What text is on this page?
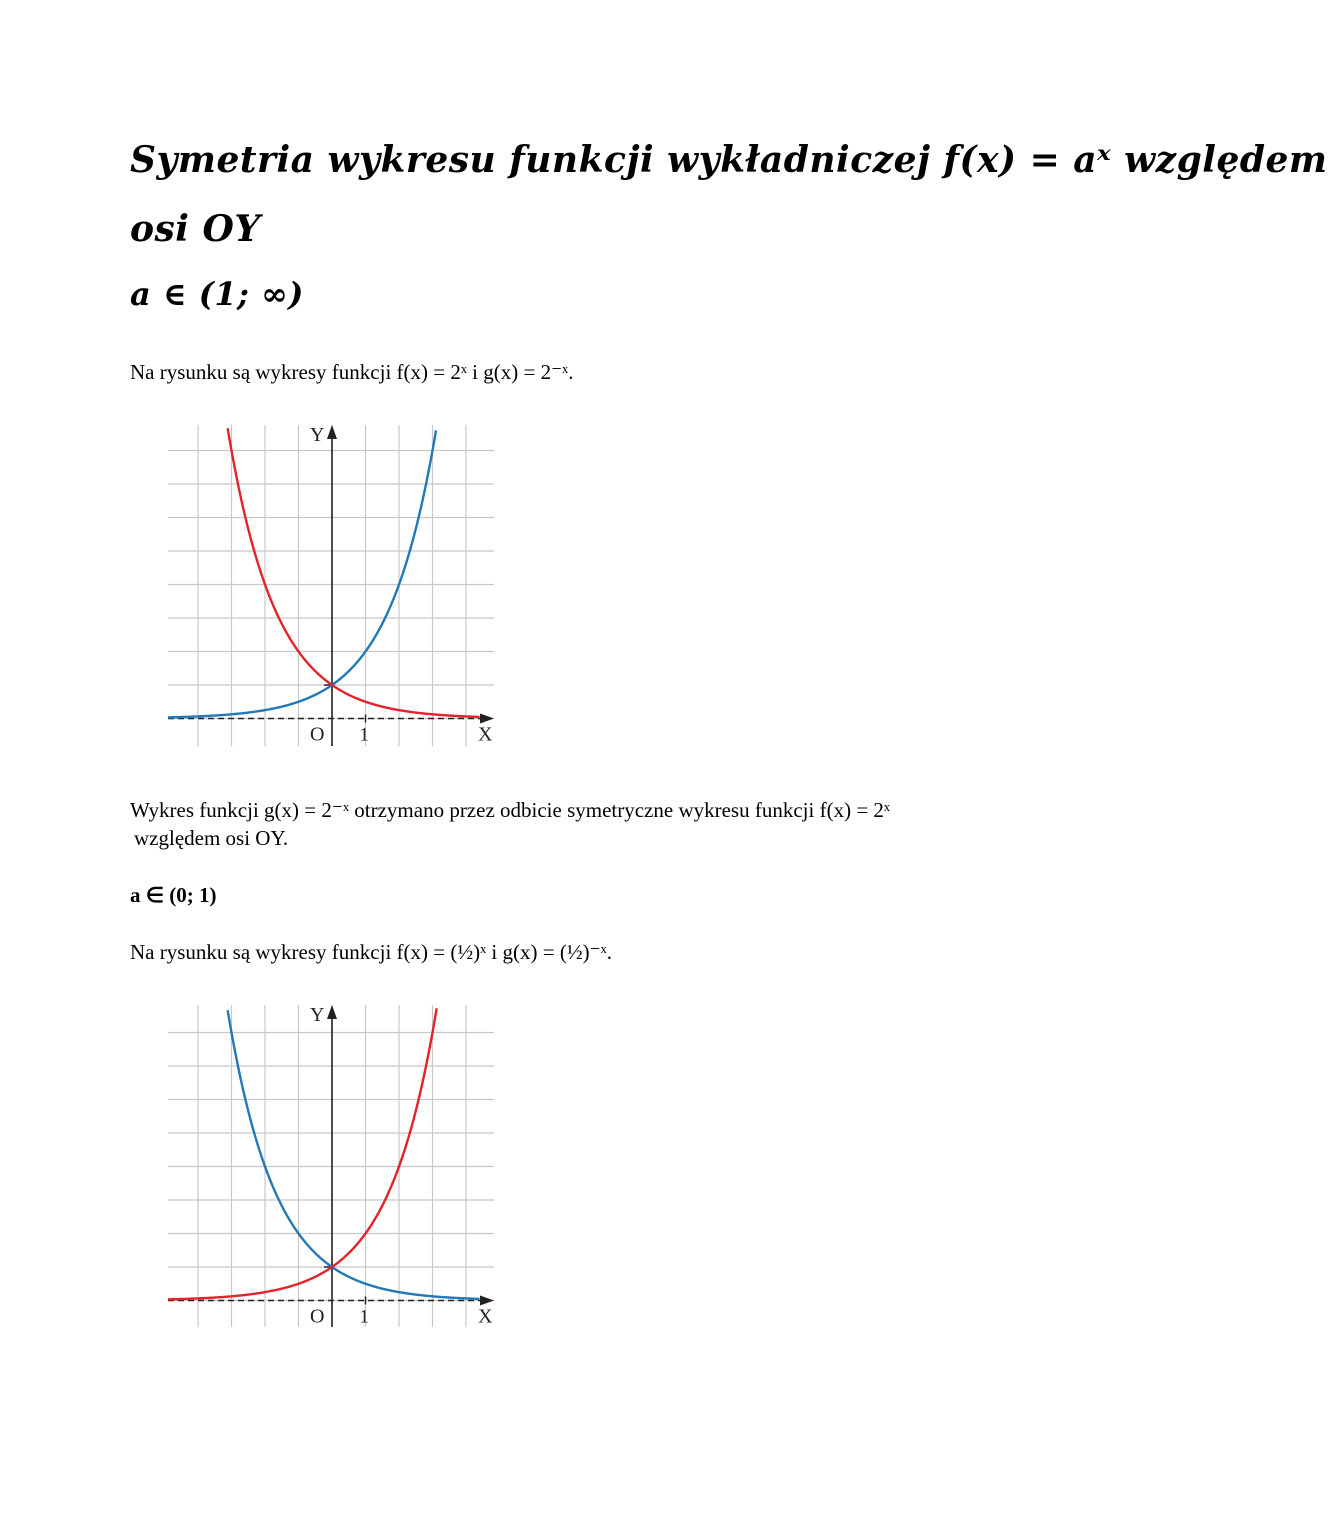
Symetria wykresu funkcji wykładniczej f(x) = aˣ względem
osi OY
a ∈ (1; ∞)
Na rysunku są wykresy funkcji f(x) = 2ˣ i g(x) = 2⁻ˣ.
Y
X
O 1
Wykres funkcji g(x) = 2⁻ˣ otrzymano przez odbicie symetryczne wykresu funkcji f(x) = 2ˣ
względem osi OY.
a ∈ (0; 1)
Na rysunku są wykresy funkcji f(x) = (½)ˣ i g(x) = (½)⁻ˣ.
Y
X
O 1
